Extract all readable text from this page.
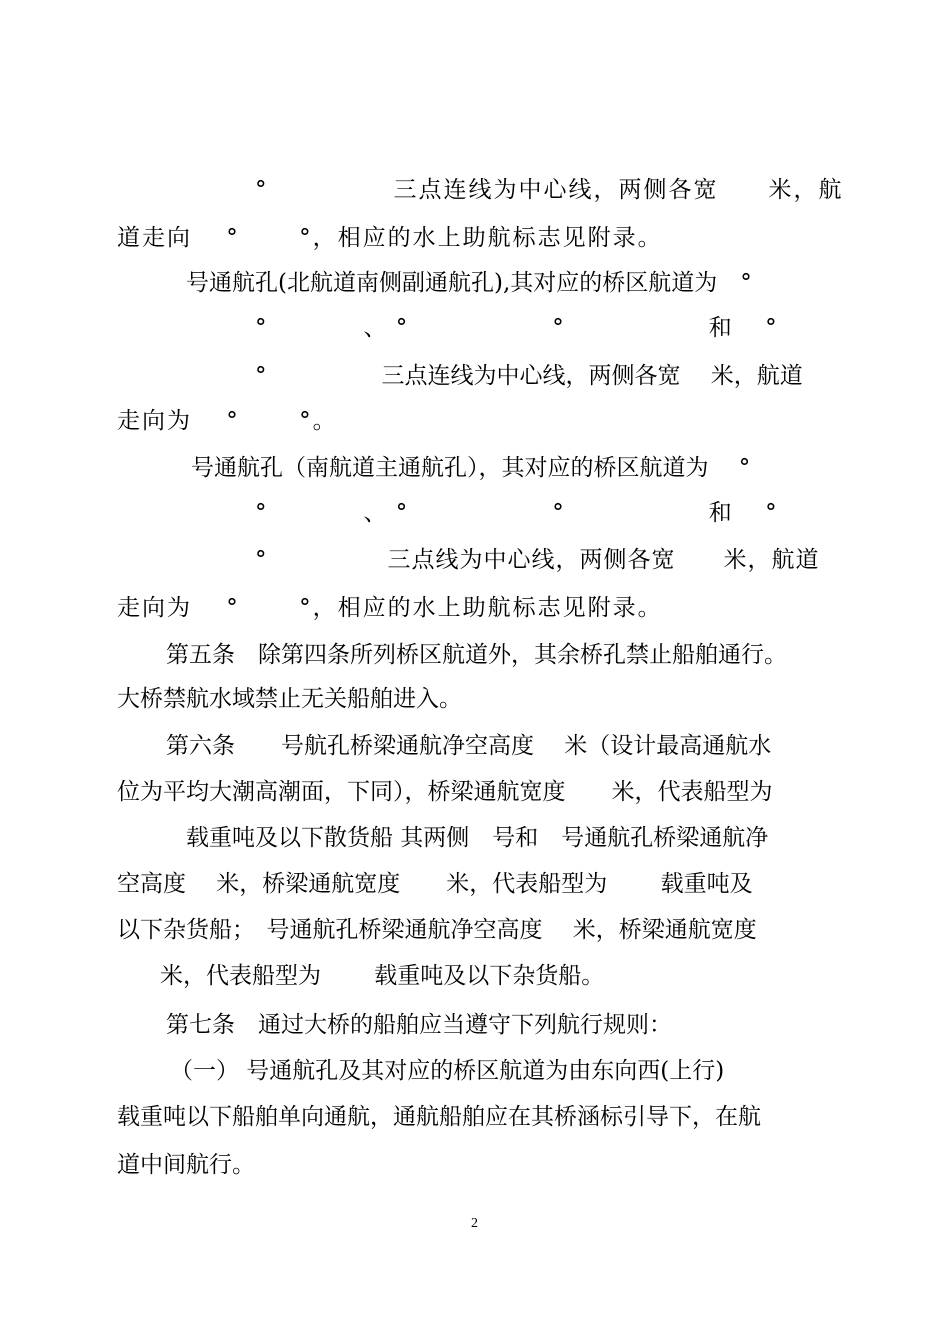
°　　　　　三点连线为中心线，两侧各宽　　米，航
道走向　 °　　 °，相应的水上助航标志见附录。
号通航孔(北航道南侧副通航孔),其对应的桥区航道为　°
°　　　　、 °　　　　　　°　　　　　　和　 °
°　　　　　三点连线为中心线，两侧各宽　 米，航道
走向为　 °　　 °。
号通航孔（南航道主通航孔），其对应的桥区航道为　 °
°　　　　、 °　　　　　　°　　　　　　和　 °
°　　　　　三点线为中心线，两侧各宽　　米，航道
走向为　 °　　 °，相应的水上助航标志见附录。
第五条　除第四条所列桥区航道外，其余桥孔禁止船舶通行。
大桥禁航水域禁止无关船舶进入。
第六条　　号航孔桥梁通航净空高度　 米（设计最高通航水
位为平均大潮高潮面，下同），桥梁通航宽度　　米，代表船型为
载重吨及以下散货船 其两侧　号和　号通航孔桥梁通航净
空高度　 米，桥梁通航宽度　　米，代表船型为　　 载重吨及
以下杂货船；　号通航孔桥梁通航净空高度　 米，桥梁通航宽度
米，代表船型为　　 载重吨及以下杂货船。
第七条　通过大桥的船舶应当遵守下列航行规则：
（一） 号通航孔及其对应的桥区航道为由东向西(上行)
载重吨以下船舶单向通航，通航船舶应在其桥涵标引导下，在航
道中间航行。
2
